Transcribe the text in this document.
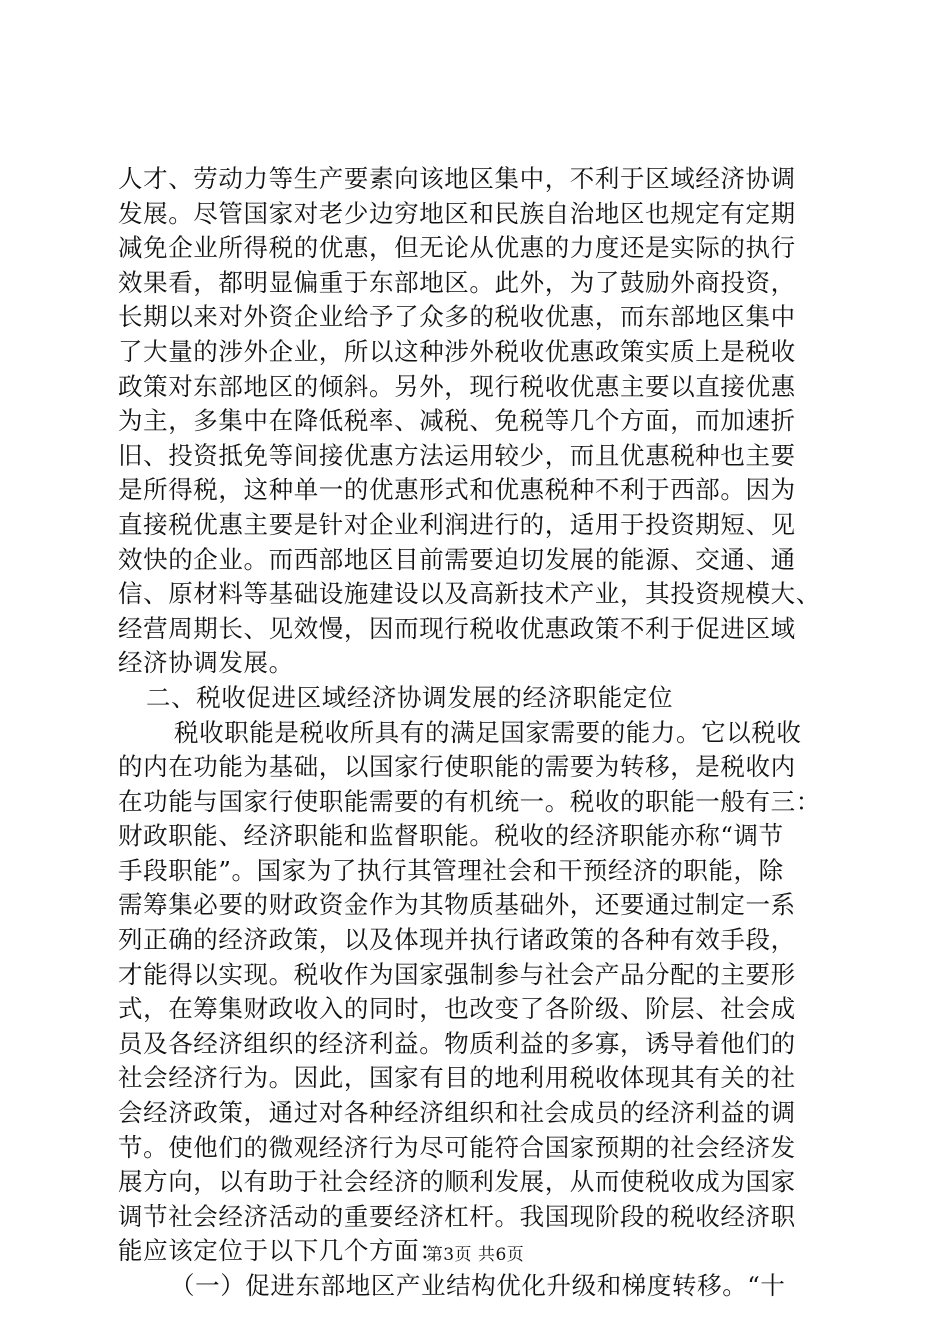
人才、劳动力等生产要素向该地区集中，不利于区域经济协调
发展。尽管国家对老少边穷地区和民族自治地区也规定有定期
减免企业所得税的优惠，但无论从优惠的力度还是实际的执行
效果看，都明显偏重于东部地区。此外，为了鼓励外商投资，
长期以来对外资企业给予了众多的税收优惠，而东部地区集中
了大量的涉外企业，所以这种涉外税收优惠政策实质上是税收
政策对东部地区的倾斜。另外，现行税收优惠主要以直接优惠
为主，多集中在降低税率、减税、免税等几个方面，而加速折
旧、投资抵免等间接优惠方法运用较少，而且优惠税种也主要
是所得税，这种单一的优惠形式和优惠税种不利于西部。因为
直接税优惠主要是针对企业利润进行的，适用于投资期短、见
效快的企业。而西部地区目前需要迫切发展的能源、交通、通
信、原材料等基础设施建设以及高新技术产业，其投资规模大、
经营周期长、见效慢，因而现行税收优惠政策不利于促进区域
经济协调发展。
二、税收促进区域经济协调发展的经济职能定位
税收职能是税收所具有的满足国家需要的能力。它以税收
的内在功能为基础，以国家行使职能的需要为转移，是税收内
在功能与国家行使职能需要的有机统一。税收的职能一般有三：
财政职能、经济职能和监督职能。税收的经济职能亦称“调节
手段职能”。国家为了执行其管理社会和干预经济的职能，除
需筹集必要的财政资金作为其物质基础外，还要通过制定一系
列正确的经济政策，以及体现并执行诸政策的各种有效手段，
才能得以实现。税收作为国家强制参与社会产品分配的主要形
式，在筹集财政收入的同时，也改变了各阶级、阶层、社会成
员及各经济组织的经济利益。物质利益的多寡，诱导着他们的
社会经济行为。因此，国家有目的地利用税收体现其有关的社
会经济政策，通过对各种经济组织和社会成员的经济利益的调
节。使他们的微观经济行为尽可能符合国家预期的社会经济发
展方向，以有助于社会经济的顺利发展，从而使税收成为国家
调节社会经济活动的重要经济杠杆。我国现阶段的税收经济职
能应该定位于以下几个方面：
（一）促进东部地区产业结构优化升级和梯度转移。“十
第3页 共6页
